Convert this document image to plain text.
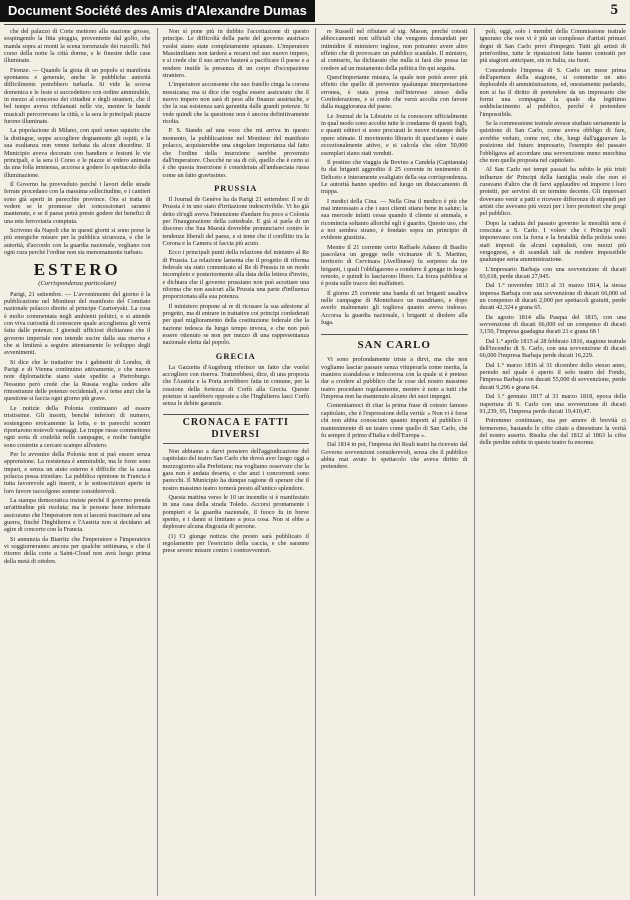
Document Société des Amis d'Alexandre Dumas	5

che del palazzo di Corte mettono alla stazione grosse, sospingendo la fitta pioggia, proveniente dal golfo, che manda sopra ai monti la scena torrenziale dei ruscelli. Nel corso della notte la città dorme, e le finestre delle case illuminate.

Firenze. — Quando la gioia di un popolo si manifesta spontanea e generale, anche le pubbliche autorità difficilmente potrebbero turbarla. Si vide la scorsa domenica e le feste si succedettero con ordine ammirabile, in mezzo al concorso dei cittadini e degli stranieri, che il bel tempo aveva richiamati nelle vie, mentre le bande musicali percorrevano la città, e la sera le principali piazze furono illuminate.

La popolazione di Milano, con quel senso squisito che la distingue, seppe accogliere degnamente gli ospiti, e la sua esultanza non venne turbata da alcun disordine. Il Municipio aveva decorato con bandiere e festoni le vie principali, e la sera il Corso e le piazze si videro animate da una folla immensa, accorsa a godere lo spettacolo della illuminazione.

Il Governo ha provveduto perché i lavori delle strade ferrate procedano con la massima sollecitudine, e i cantieri sono già aperti in parecchie province. Ora si tratta di vedere se le promesse dei concessionari saranno mantenute, e se il paese potrà presto godere dei benefici di una rete ferroviaria compiuta.

Scrivono da Napoli che in questi giorni si sono prese le più energiche misure per la pubblica sicurezza, e che le autorità, d'accordo con la guardia nazionale, vegliano con ogni cura perché l'ordine non sia menomamente turbato.

ESTERO
(Corrispondenza particolare)

Parigi, 21 settembre. — L'avvenimento del giorno è la pubblicazione nel Moniteur del manifesto del Comitato nazionale polacco diretto al principe Czartoryski. La cosa è molto commentata negli ambienti politici, e si attende con viva curiosità di conoscere quale accoglienza gli verrà fatta dalle potenze. I giornali ufficiosi dichiarano che il governo imperiale non intende uscire dalla sua riserva e che si limiterà a seguire attentamente lo sviluppo degli avvenimenti.

Si dice che le trattative tra i gabinetti di Londra, di Parigi e di Vienna continuino attivamente, e che nuove note diplomatiche siano state spedite a Pietroburgo. Nessuno però crede che la Russia voglia cedere alle rimostranze delle potenze occidentali, e si teme anzi che la questione si faccia ogni giorno più grave.

Le notizie della Polonia continuano ad essere tristissime. Gli insorti, benché inferiori di numero, sostengono eroicamente la lotta, e in parecchi scontri riportarono notevoli vantaggi. Le truppe russe commettono ogni sorta di crudeltà nelle campagne, e molte famiglie sono costrette a cercare scampo all'estero.

Per lo avvenire della Polonia non si può essere senza apprensione. La resistenza è ammirabile, ma le forze sono impari, e senza un aiuto esterno è difficile che la causa polacca possa trionfare. La pubblica opinione in Francia è tutta favorevole agli insorti, e le sottoscrizioni aperte in loro favore raccolgono somme considerevoli.

La stampa democratica insiste perché il governo prenda un'attitudine più risoluta; ma le persone bene informate assicurano che l'imperatore non si lascerà trascinare ad una guerra, finché l'Inghilterra e l'Austria non si decidano ad agire di concerto con la Francia.

Si annunzia da Biarritz che l'imperatore e l'imperatrice vi soggiorneranno ancora per qualche settimana, e che il ritorno della corte a Saint-Cloud non avrà luogo prima della metà di ottobre.

Non si pone più in dubbio l'accettazione di questo principe. Le difficoltà della parte del governo austriaco vuolsi siano state completamente spianate. L'imperatore Massimiliano non tarderà a recarsi nel suo nuovo impero, e si crede che il suo arrivo basterà a pacificare il paese e a rendere inutile la presenza di un corpo d'occupazione straniero.

L'imperatore acconsente che suo fratello cinga la corona messicana; ma si dice che voglia essere assicurato che il nuovo impero non sarà di peso alle finanze austriache, e che la sua esistenza sarà garantita dalle grandi potenze. Si vede quindi che la questione non è ancora definitivamente risolta.

P. S. Stando ad una voce che mi arriva in questo momento, la pubblicazione nel Moniteur del manifesto polacco, acquisterebbe una singolare importanza dal fatto che l'ordine della inserzione sarebbe provenuto dall'imperatore. Checché ne sia di ciò, quello che è certo si è che questa inserzione è considerata all'ambasciata russa come un fatto gravissimo.

PRUSSIA

Il Journal de Genève ha da Parigi 21 settembre: Il re di Prussia è in uno stato d'irritazione indescrivibile. Vi ho già detto ch'egli aveva l'intenzione d'andare fra poco a Colonia per l'inaugurazione della cattedrale. E già si parla di un discorso che Sua Maestà dovrebbe pronunciarvi contro le tendenze liberali del paese, e si teme che il conflitto tra la Corona e la Camera si faccia più acuto.

Ecco i principali punti della relazione del ministro al Re di Prussia. La relazione lamenta che il progetto di riforma federale sia stato comunicato al Re di Prussia in un modo incompleto e posteriormente alla data della lettera d'invito, e dichiara che il governo prussiano non può accettare una riforma che non assicuri alla Prussia una parte d'influenza proporzionata alla sua potenza.

Il ministero propone al re di ricusare la sua adesione al progetto, ma di entrare in trattative coi principi confederati per quel miglioramento della costituzione federale che la nazione tedesca da lungo tempo invoca, e che non può essere ottenuto se non per mezzo di una rappresentanza nazionale eletta dal popolo.

GRECIA

La Gazzetta d'Augsburg riferisce un fatto che vuolsi accogliere con riserva. Tratterebbesi, dice, di una proposta che l'Austria e la Porta avrebbero fatta in comune, per la cessione della fortezza di Corfù alla Grecia. Queste potenze si sarebbero opposte a che l'Inghilterra lasci Corfù senza le debite garanzie.

CRONACA E FATTI DIVERSI

Non abbiamo a darvi pensiero dell'aggiudicazione del capitolato del teatro San Carlo che dovrà aver luogo oggi a mezzogiorno alla Prefettura; ma vogliamo osservare che la gara non è andata deserta, e che anzi i concorrenti sono parecchi. Il Municipio ha dunque ragione di sperare che il nostro massimo teatro tornerà presto all'antico splendore.

Questa mattina verso le 10 un incendio si è manifestato in una casa della strada Toledo. Accorsi prontamente i pompieri e la guardia nazionale, il fuoco fu in breve spento, e i danni si limitano a poca cosa. Non si ebbe a deplorare alcuna disgrazia di persone.

(1) Ci giunge notizia che presto sarà pubblicato il regolamento per l'esercizio della caccia, e che saranno prese severe misure contro i contravventori.

re Russell nel rifiutare al sig. Mason, perché cotesti abboccamenti non ufficiali che vengono domandati per intimidire il ministero inglese, non potranno avere altro effetto che di provocare un pubblico scandalo. Il ministro, al contrario, ha dichiarato che nulla si farà che possa far credere ad un mutamento della politica fin qui seguita.

Quest'importante misura, la quale non potrà avere più effetto che quello di prevenire qualunque interpretazione erronea, è stata presa nell'interesse stesso della Confederazione, e si crede che verrà accolta con favore dalla maggioranza del paese.

Le Journal de la Librairie ci fa conoscere ufficialmente in qual modo sono accolte tutte le condanne di questi fogli, e quanti editori si sono procurati le nuove ristampe delle opere stimate. Il movimento librario di quest'anno è stato eccezionalmente attivo, e si calcola che oltre 50,000 esemplari siano stati venduti.

Il postino che viaggia da Bovino a Candela (Capitanata) fu dai briganti aggredito il 25 corrente in tenimento di Deliceto e interamente svaligiato della sua corrispondenza. Le autorità hanno spedito sul luogo un distaccamento di truppa.

I medici della Cina. — Nella Cina il medico è più che mai interessato a che i suoi clienti stiano bene in salute; la sua mercede infatti cessa quando il cliente si ammala, e ricomincia soltanto allorché egli è guarito. Questo uso, che a noi sembra strano, è fondato sopra un principio di evidente giustizia.

Mentre il 21 corrente certo Raffaele Adamo di Basilio pascolava un gregge nelle vicinanze di S. Martino, territorio di Cervinara (Avellinese) fu sorpreso da tre briganti, i quali l'obbligarono a condurre il gregge in luogo remoto, e quindi lo lasciarono libero. La forza pubblica si è posta sulle tracce dei malfattori.

Il giorno 25 corrente una banda di sei briganti assaliva nelle campagne di Montefusco un mandriano, e dopo averlo malmenato gli toglieva quanto aveva indosso. Accorsa la guardia nazionale, i briganti si diedero alla fuga.

SAN CARLO

Vi sono profondamente triste a dirvi, ma che non vogliamo lasciar passare senza vituperarla come merita, la maniera scandalosa e indecorosa con la quale si è preteso dar a credere al pubblico che le cose del nostro massimo teatro procedano regolarmente, mentre è noto a tutti che l'impresa non ha mantenuto alcuno dei suoi impegni.

Contentiamoci di citar la prima frase di cotesto famoso capitolato, che è l'espressione della verità: « Non vi è forse chi non abbia conosciuto quanto importi al pubblico il mantenimento di un teatro come quello di San Carlo, che fu sempre il primo d'Italia e dell'Europa ».

Dal 1814 in poi, l'impresa dei Reali teatri ha ricevuto dal Governo sovvenzioni considerevoli, senza che il pubblico abbia mai avuto lo spettacolo che aveva diritto di pretendere.

poli, oggi, solo i membri della Commissione teatrale ignorano che non vi è più un complesso d'artisti primari degni di San Carlo privi d'impegni. Tutti gli artisti di prim'ordine, tutte le riputazioni fatte hanno contratti per più stagioni anticipate, sin in Italia, sia fuori.

Concedendo l'impresa di S. Carlo un mese prima dell'apertura della stagione, si commette un atto deplorabile di amministrazione, ed, onestamente parlando, non si ha il diritto di pretendere da un impresario che formi una compagnia la quale dia legittimo soddisfacimento al pubblico, perché è pretendere l'impossibile.

Se la commessione teatrale avesse studiato seriamente la quistione di San Carlo, come aveva obbligo di fare, avrebbe veduto, come noi, che, lungi dall'aggravare la posizione del futuro impresario, l'esempio del passato l'obbligava ad accordare una sovvenzione meno meschina che non quella proposta nel capitolato.

Al San Carlo nei tempi passati ha subito le più tristi influenze de' Principi della famiglia reale che non si curavano d'altro che di farvi applaudire od imporre i loro protetti, per servirsi di un termine decente. Gli impresari dovevano venir a patti e ricevere differenze di stipendi per artisti che avevano più vezzi per i loro protettori che pregi pel pubblico.

Dopo la caduta del passato governo la moralità non è cresciuta a S. Carlo. I volere che i Principi reali imponevano con la forza e la brutalità della polizia sono stati imposti da alcuni capitalisti, con mezzi più vergognosi, e di scandali tali da rendere impossibile qualunque seria amministrazione.

L'impresario Barbaja con una sovvenzione di ducati 93,618, perde ducati 27,945.

Dal 1.° novembre 1813 al 31 marzo 1814, la stessa impresa Barbaja con una sovvenzione di ducati 66,000 ed un compenso di ducati 2,000 per spettacoli gratuiti, perde ducati 42,324 e grana 65.

Da agosto 1814 alla Pasqua del 1815, con una sovvenzione di ducati 66,000 ed un compenso di ducati 3,150, l'impresa guadagna ducati 21 e grana 68 !

Dal 1.° aprile 1815 al 28 febbraio 1816, stagione teatrale dell'incendio di S. Carlo, con una sovvenzione di ducati 66,000 l'impresa Barbaja perde ducati 16,229.

Dal 1.° marzo 1816 al 31 dicembre dello stesso anno, periodo nel quale è aperto il solo teatro del Fondo, l'impresa Barbaja con ducati 55,000 di sovvenzione, perde ducati 9,296 e grana 64.

Dal 1.° gennaio 1817 al 31 marzo 1818, epoca della riapertura di S. Carlo con una sovvenzione di ducati 91,239, 95, l'impresa perde ducati 19,410,47.

Potremmo continuare, ma per amore di brevità ci fermeremo, bastando le cifre citate a dimostrare la verità del nostro asserto. Risulta che dal 1812 al 1863 la cifra delle perdite subite in questo teatro fu enorme.
